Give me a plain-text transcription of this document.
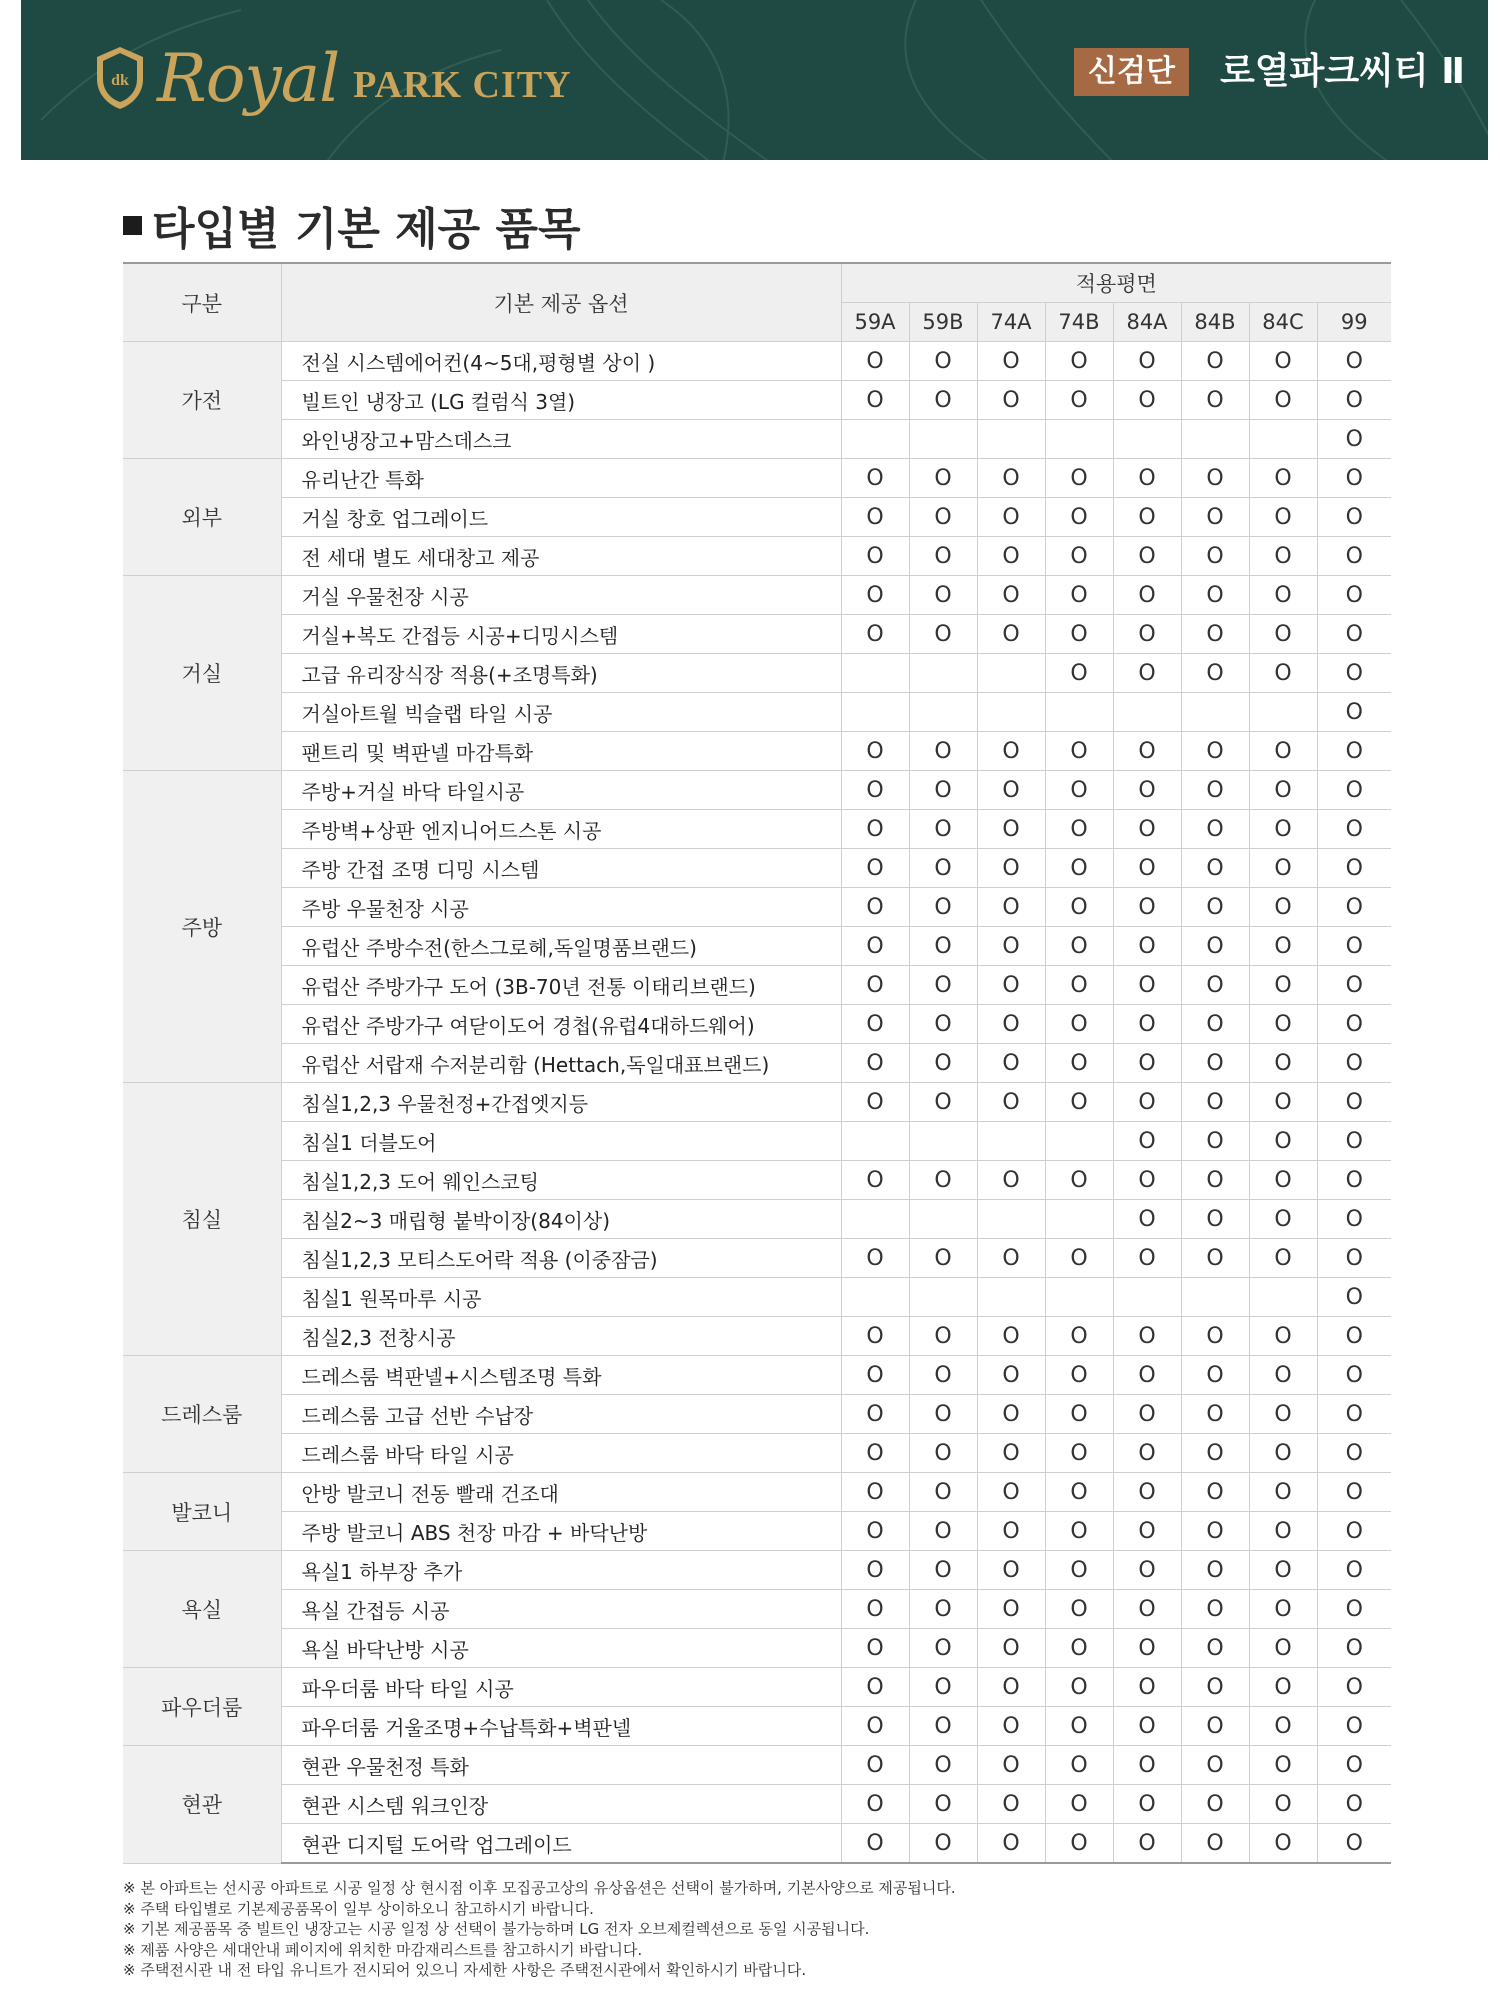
dk Royal PARK CITY	신검단	로열파크씨티 Ⅱ
타입별 기본 제공 품목
구분	기본 제공 옵션	적용평면							
		59A	59B	74A	74B	84A	84B	84C	99
가전	전실 시스템에어컨(4~5대,평형별 상이 )	O	O	O	O	O	O	O	O
	빌트인 냉장고 (LG 컬럼식 3열)	O	O	O	O	O	O	O	O
	와인냉장고+맘스데스크								O
외부	유리난간 특화	O	O	O	O	O	O	O	O
	거실 창호 업그레이드	O	O	O	O	O	O	O	O
	전 세대 별도 세대창고 제공	O	O	O	O	O	O	O	O
거실	거실 우물천장 시공	O	O	O	O	O	O	O	O
	거실+복도 간접등 시공+디밍시스템	O	O	O	O	O	O	O	O
	고급 유리장식장 적용(+조명특화)				O	O	O	O	O
	거실아트월 빅슬랩 타일 시공								O
	팬트리 및 벽판넬 마감특화	O	O	O	O	O	O	O	O
주방	주방+거실 바닥 타일시공	O	O	O	O	O	O	O	O
	주방벽+상판 엔지니어드스톤 시공	O	O	O	O	O	O	O	O
	주방 간접 조명 디밍 시스템	O	O	O	O	O	O	O	O
	주방 우물천장 시공	O	O	O	O	O	O	O	O
	유럽산 주방수전(한스그로헤,독일명품브랜드)	O	O	O	O	O	O	O	O
	유럽산 주방가구 도어 (3B-70년 전통 이태리브랜드)	O	O	O	O	O	O	O	O
	유럽산 주방가구 여닫이도어 경첩(유럽4대하드웨어)	O	O	O	O	O	O	O	O
	유럽산 서랍재 수저분리함 (Hettach,독일대표브랜드)	O	O	O	O	O	O	O	O
침실	침실1,2,3 우물천정+간접엣지등	O	O	O	O	O	O	O	O
	침실1 더블도어					O	O	O	O
	침실1,2,3 도어 웨인스코팅	O	O	O	O	O	O	O	O
	침실2~3 매립형 붙박이장(84이상)					O	O	O	O
	침실1,2,3 모티스도어락 적용 (이중잠금)	O	O	O	O	O	O	O	O
	침실1 원목마루 시공								O
	침실2,3 전창시공	O	O	O	O	O	O	O	O
드레스룸	드레스룸 벽판넬+시스템조명 특화	O	O	O	O	O	O	O	O
	드레스룸 고급 선반 수납장	O	O	O	O	O	O	O	O
	드레스룸 바닥 타일 시공	O	O	O	O	O	O	O	O
발코니	안방 발코니 전동 빨래 건조대	O	O	O	O	O	O	O	O
	주방 발코니 ABS 천장 마감 + 바닥난방	O	O	O	O	O	O	O	O
욕실	욕실1 하부장 추가	O	O	O	O	O	O	O	O
	욕실 간접등 시공	O	O	O	O	O	O	O	O
	욕실 바닥난방 시공	O	O	O	O	O	O	O	O
파우더룸	파우더룸 바닥 타일 시공	O	O	O	O	O	O	O	O
	파우더룸 거울조명+수납특화+벽판넬	O	O	O	O	O	O	O	O
현관	현관 우물천정 특화	O	O	O	O	O	O	O	O
	현관 시스템 워크인장	O	O	O	O	O	O	O	O
	현관 디지털 도어락 업그레이드	O	O	O	O	O	O	O	O
※ 본 아파트는 선시공 아파트로 시공 일정 상 현시점 이후 모집공고상의 유상옵션은 선택이 불가하며, 기본사양으로 제공됩니다.
※ 주택 타입별로 기본제공품목이 일부 상이하오니 참고하시기 바랍니다.
※ 기본 제공품목 중 빌트인 냉장고는 시공 일정 상 선택이 불가능하며 LG 전자 오브제컬렉션으로 동일 시공됩니다.
※ 제품 사양은 세대안내 페이지에 위치한 마감재리스트를 참고하시기 바랍니다.
※ 주택전시관 내 전 타입 유니트가 전시되어 있으니 자세한 사항은 주택전시관에서 확인하시기 바랍니다.
